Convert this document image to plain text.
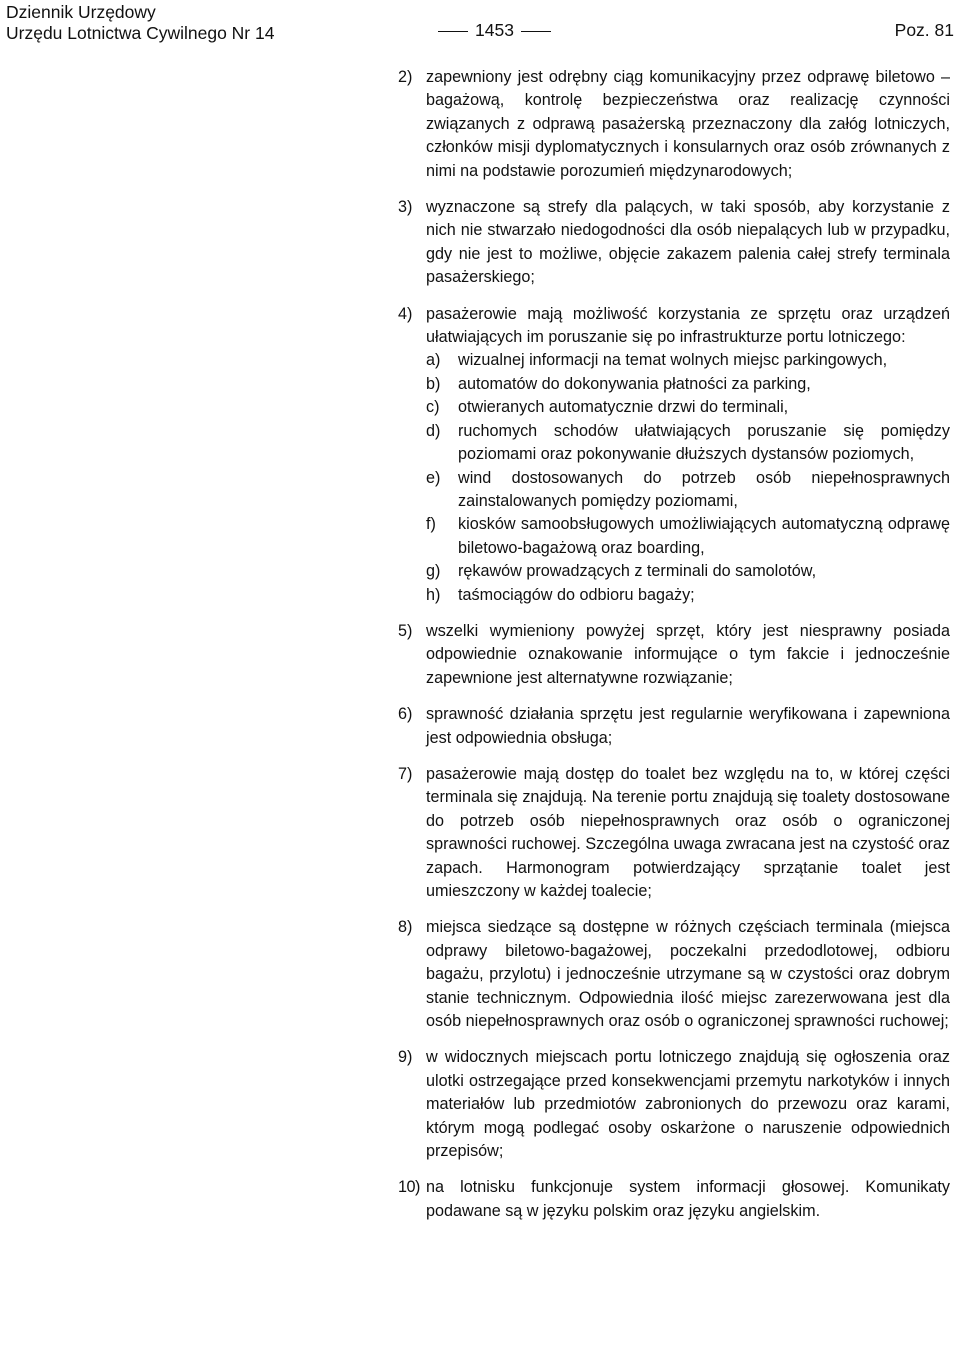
Dziennik Urzędowy
Urzędu Lotnictwa Cywilnego Nr 14	1453	Poz. 81
2) zapewniony jest odrębny ciąg komunikacyjny przez odprawę biletowo – bagażową, kontrolę bezpieczeństwa oraz realizację czynności związanych z odprawą pasażerską przeznaczony dla załóg lotniczych, członków misji dyplomatycznych i konsularnych oraz osób zrównanych z nimi na podstawie porozumień międzynarodowych;
3) wyznaczone są strefy dla palących, w taki sposób, aby korzystanie z nich nie stwarzało niedogodności dla osób niepalących lub w przypadku, gdy nie jest to możliwe, objęcie zakazem palenia całej strefy terminala pasażerskiego;
4) pasażerowie mają możliwość korzystania ze sprzętu oraz urządzeń ułatwiających im poruszanie się po infrastrukturze portu lotniczego:
a)	wizualnej informacji na temat wolnych miejsc parkingowych,
b)	automatów do dokonywania płatności za parking,
c)	otwieranych automatycznie drzwi do terminali,
d)	ruchomych schodów ułatwiających poruszanie się pomiędzy poziomami oraz pokonywanie dłuższych dystansów poziomych,
e)	wind dostosowanych do potrzeb osób niepełnosprawnych zainstalowanych pomiędzy poziomami,
f)	kiosków samoobsługowych umożliwiających automatyczną odprawę biletowo-bagażową oraz boarding,
g)	rękawów prowadzących z terminali do samolotów,
h)	taśmociągów do odbioru bagaży;
5) wszelki wymieniony powyżej sprzęt, który jest niesprawny posiada odpowiednie oznakowanie informujące o tym fakcie i jednocześnie zapewnione jest alternatywne rozwiązanie;
6) sprawność działania sprzętu jest regularnie weryfikowana i zapewniona jest odpowiednia obsługa;
7) pasażerowie mają dostęp do toalet bez względu na to, w której części terminala się znajdują. Na terenie portu znajdują się toalety dostosowane do potrzeb osób niepełnosprawnych oraz osób o ograniczonej sprawności ruchowej. Szczególna uwaga zwracana jest na czystość oraz zapach. Harmonogram potwierdzający sprzątanie toalet jest umieszczony w każdej toalecie;
8) miejsca siedzące są dostępne w różnych częściach terminala (miejsca odprawy biletowo-bagażowej, poczekalni przedodlotowej, odbioru bagażu, przylotu) i jednocześnie utrzymane są w czystości oraz dobrym stanie technicznym. Odpowiednia ilość miejsc zarezerwowana jest dla osób niepełnosprawnych oraz osób o ograniczonej sprawności ruchowej;
9) w widocznych miejscach portu lotniczego znajdują się ogłoszenia oraz ulotki ostrzegające przed konsekwencjami przemytu narkotyków i innych materiałów lub przedmiotów zabronionych do przewozu oraz karami, którym mogą podlegać osoby oskarżone o naruszenie odpowiednich przepisów;
10) na lotnisku funkcjonuje system informacji głosowej. Komunikaty podawane są w języku polskim oraz języku angielskim.
